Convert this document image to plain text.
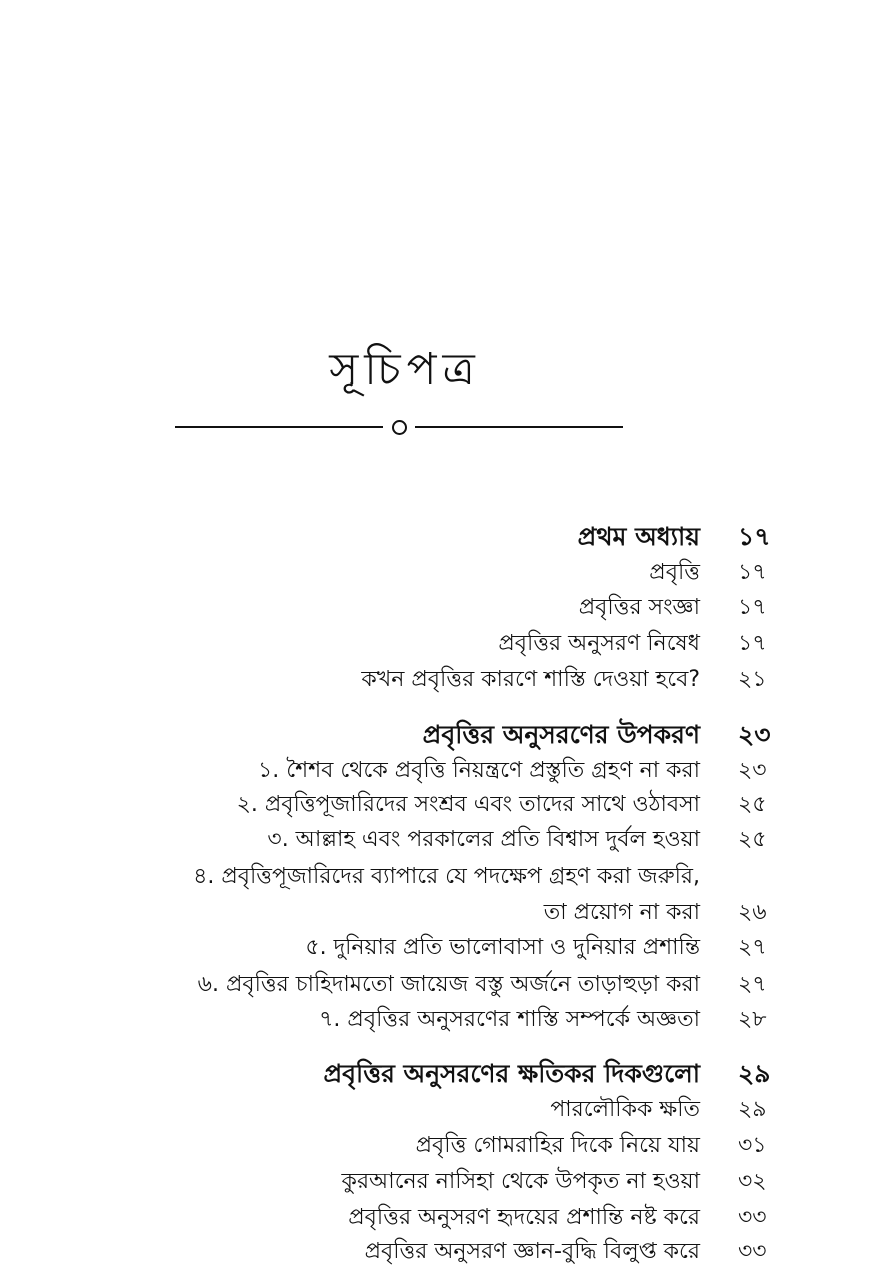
সূচিপত্র
প্রথম অধ্যায় ১৭
প্রবৃত্তি ১৭
প্রবৃত্তির সংজ্ঞা ১৭
প্রবৃত্তির অনুসরণ নিষেধ ১৭
কখন প্রবৃত্তির কারণে শাস্তি দেওয়া হবে? ২১
প্রবৃত্তির অনুসরণের উপকরণ ২৩
১. শৈশব থেকে প্রবৃত্তি নিয়ন্ত্রণে প্রস্তুতি গ্রহণ না করা ২৩
২. প্রবৃত্তিপূজারিদের সংশ্রব এবং তাদের সাথে ওঠাবসা ২৫
৩. আল্লাহ এবং পরকালের প্রতি বিশ্বাস দুর্বল হওয়া ২৫
৪. প্রবৃত্তিপূজারিদের ব্যাপারে যে পদক্ষেপ গ্রহণ করা জরুরি,
তা প্রয়োগ না করা ২৬
৫. দুনিয়ার প্রতি ভালোবাসা ও দুনিয়ার প্রশান্তি ২৭
৬. প্রবৃত্তির চাহিদামতো জায়েজ বস্তু অর্জনে তাড়াহুড়া করা ২৭
৭. প্রবৃত্তির অনুসরণের শাস্তি সম্পর্কে অজ্ঞতা ২৮
প্রবৃত্তির অনুসরণের ক্ষতিকর দিকগুলো ২৯
পারলৌকিক ক্ষতি ২৯
প্রবৃত্তি গোমরাহির দিকে নিয়ে যায় ৩১
কুরআনের নাসিহা থেকে উপকৃত না হওয়া ৩২
প্রবৃত্তির অনুসরণ হৃদয়ের প্রশান্তি নষ্ট করে ৩৩
প্রবৃত্তির অনুসরণ জ্ঞান-বুদ্ধি বিলুপ্ত করে ৩৩
